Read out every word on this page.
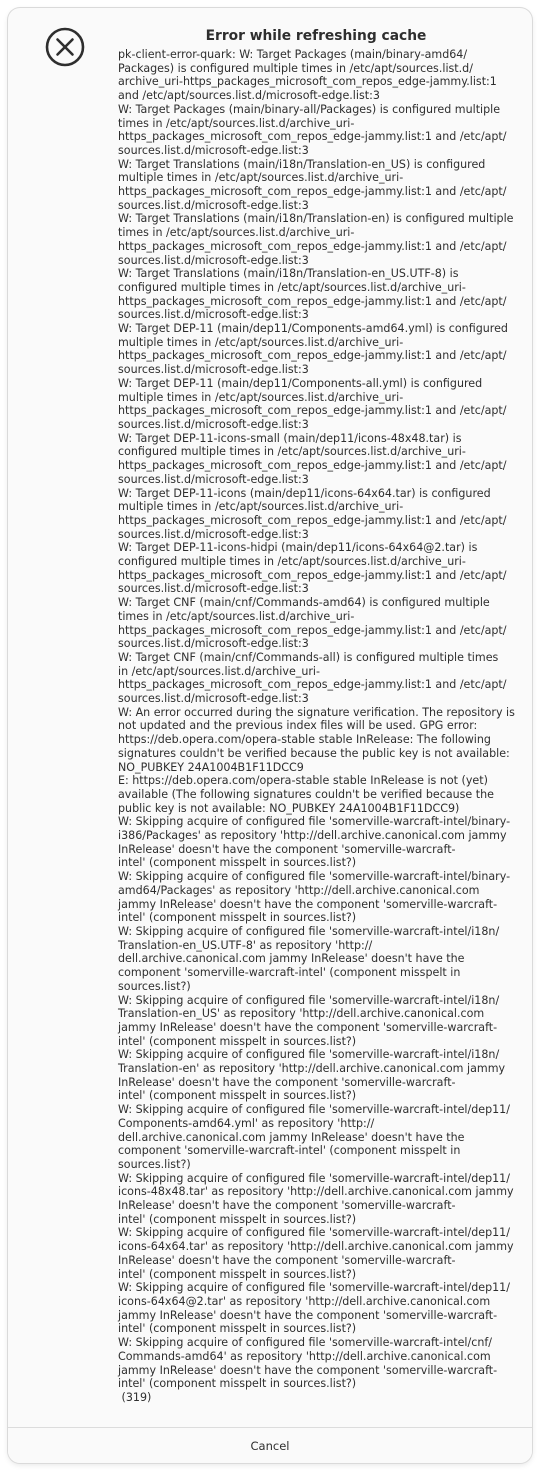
Error while refreshing cache
pk-client-error-quark: W: Target Packages (main/binary-amd64/
Packages) is configured multiple times in /etc/apt/sources.list.d/
archive_uri-https_packages_microsoft_com_repos_edge-jammy.list:1
and /etc/apt/sources.list.d/microsoft-edge.list:3
W: Target Packages (main/binary-all/Packages) is configured multiple
times in /etc/apt/sources.list.d/archive_uri-
https_packages_microsoft_com_repos_edge-jammy.list:1 and /etc/apt/
sources.list.d/microsoft-edge.list:3
W: Target Translations (main/i18n/Translation-en_US) is configured
multiple times in /etc/apt/sources.list.d/archive_uri-
https_packages_microsoft_com_repos_edge-jammy.list:1 and /etc/apt/
sources.list.d/microsoft-edge.list:3
W: Target Translations (main/i18n/Translation-en) is configured multiple
times in /etc/apt/sources.list.d/archive_uri-
https_packages_microsoft_com_repos_edge-jammy.list:1 and /etc/apt/
sources.list.d/microsoft-edge.list:3
W: Target Translations (main/i18n/Translation-en_US.UTF-8) is
configured multiple times in /etc/apt/sources.list.d/archive_uri-
https_packages_microsoft_com_repos_edge-jammy.list:1 and /etc/apt/
sources.list.d/microsoft-edge.list:3
W: Target DEP-11 (main/dep11/Components-amd64.yml) is configured
multiple times in /etc/apt/sources.list.d/archive_uri-
https_packages_microsoft_com_repos_edge-jammy.list:1 and /etc/apt/
sources.list.d/microsoft-edge.list:3
W: Target DEP-11 (main/dep11/Components-all.yml) is configured
multiple times in /etc/apt/sources.list.d/archive_uri-
https_packages_microsoft_com_repos_edge-jammy.list:1 and /etc/apt/
sources.list.d/microsoft-edge.list:3
W: Target DEP-11-icons-small (main/dep11/icons-48x48.tar) is
configured multiple times in /etc/apt/sources.list.d/archive_uri-
https_packages_microsoft_com_repos_edge-jammy.list:1 and /etc/apt/
sources.list.d/microsoft-edge.list:3
W: Target DEP-11-icons (main/dep11/icons-64x64.tar) is configured
multiple times in /etc/apt/sources.list.d/archive_uri-
https_packages_microsoft_com_repos_edge-jammy.list:1 and /etc/apt/
sources.list.d/microsoft-edge.list:3
W: Target DEP-11-icons-hidpi (main/dep11/icons-64x64@2.tar) is
configured multiple times in /etc/apt/sources.list.d/archive_uri-
https_packages_microsoft_com_repos_edge-jammy.list:1 and /etc/apt/
sources.list.d/microsoft-edge.list:3
W: Target CNF (main/cnf/Commands-amd64) is configured multiple
times in /etc/apt/sources.list.d/archive_uri-
https_packages_microsoft_com_repos_edge-jammy.list:1 and /etc/apt/
sources.list.d/microsoft-edge.list:3
W: Target CNF (main/cnf/Commands-all) is configured multiple times
in /etc/apt/sources.list.d/archive_uri-
https_packages_microsoft_com_repos_edge-jammy.list:1 and /etc/apt/
sources.list.d/microsoft-edge.list:3
W: An error occurred during the signature verification. The repository is
not updated and the previous index files will be used. GPG error:
https://deb.opera.com/opera-stable stable InRelease: The following
signatures couldn't be verified because the public key is not available:
NO_PUBKEY 24A1004B1F11DCC9
E: https://deb.opera.com/opera-stable stable InRelease is not (yet)
available (The following signatures couldn't be verified because the
public key is not available: NO_PUBKEY 24A1004B1F11DCC9)
W: Skipping acquire of configured file 'somerville-warcraft-intel/binary-
i386/Packages' as repository 'http://dell.archive.canonical.com jammy
InRelease' doesn't have the component 'somerville-warcraft-
intel' (component misspelt in sources.list?)
W: Skipping acquire of configured file 'somerville-warcraft-intel/binary-
amd64/Packages' as repository 'http://dell.archive.canonical.com
jammy InRelease' doesn't have the component 'somerville-warcraft-
intel' (component misspelt in sources.list?)
W: Skipping acquire of configured file 'somerville-warcraft-intel/i18n/
Translation-en_US.UTF-8' as repository 'http://
dell.archive.canonical.com jammy InRelease' doesn't have the
component 'somerville-warcraft-intel' (component misspelt in
sources.list?)
W: Skipping acquire of configured file 'somerville-warcraft-intel/i18n/
Translation-en_US' as repository 'http://dell.archive.canonical.com
jammy InRelease' doesn't have the component 'somerville-warcraft-
intel' (component misspelt in sources.list?)
W: Skipping acquire of configured file 'somerville-warcraft-intel/i18n/
Translation-en' as repository 'http://dell.archive.canonical.com jammy
InRelease' doesn't have the component 'somerville-warcraft-
intel' (component misspelt in sources.list?)
W: Skipping acquire of configured file 'somerville-warcraft-intel/dep11/
Components-amd64.yml' as repository 'http://
dell.archive.canonical.com jammy InRelease' doesn't have the
component 'somerville-warcraft-intel' (component misspelt in
sources.list?)
W: Skipping acquire of configured file 'somerville-warcraft-intel/dep11/
icons-48x48.tar' as repository 'http://dell.archive.canonical.com jammy
InRelease' doesn't have the component 'somerville-warcraft-
intel' (component misspelt in sources.list?)
W: Skipping acquire of configured file 'somerville-warcraft-intel/dep11/
icons-64x64.tar' as repository 'http://dell.archive.canonical.com jammy
InRelease' doesn't have the component 'somerville-warcraft-
intel' (component misspelt in sources.list?)
W: Skipping acquire of configured file 'somerville-warcraft-intel/dep11/
icons-64x64@2.tar' as repository 'http://dell.archive.canonical.com
jammy InRelease' doesn't have the component 'somerville-warcraft-
intel' (component misspelt in sources.list?)
W: Skipping acquire of configured file 'somerville-warcraft-intel/cnf/
Commands-amd64' as repository 'http://dell.archive.canonical.com
jammy InRelease' doesn't have the component 'somerville-warcraft-
intel' (component misspelt in sources.list?)
(319)
Cancel
